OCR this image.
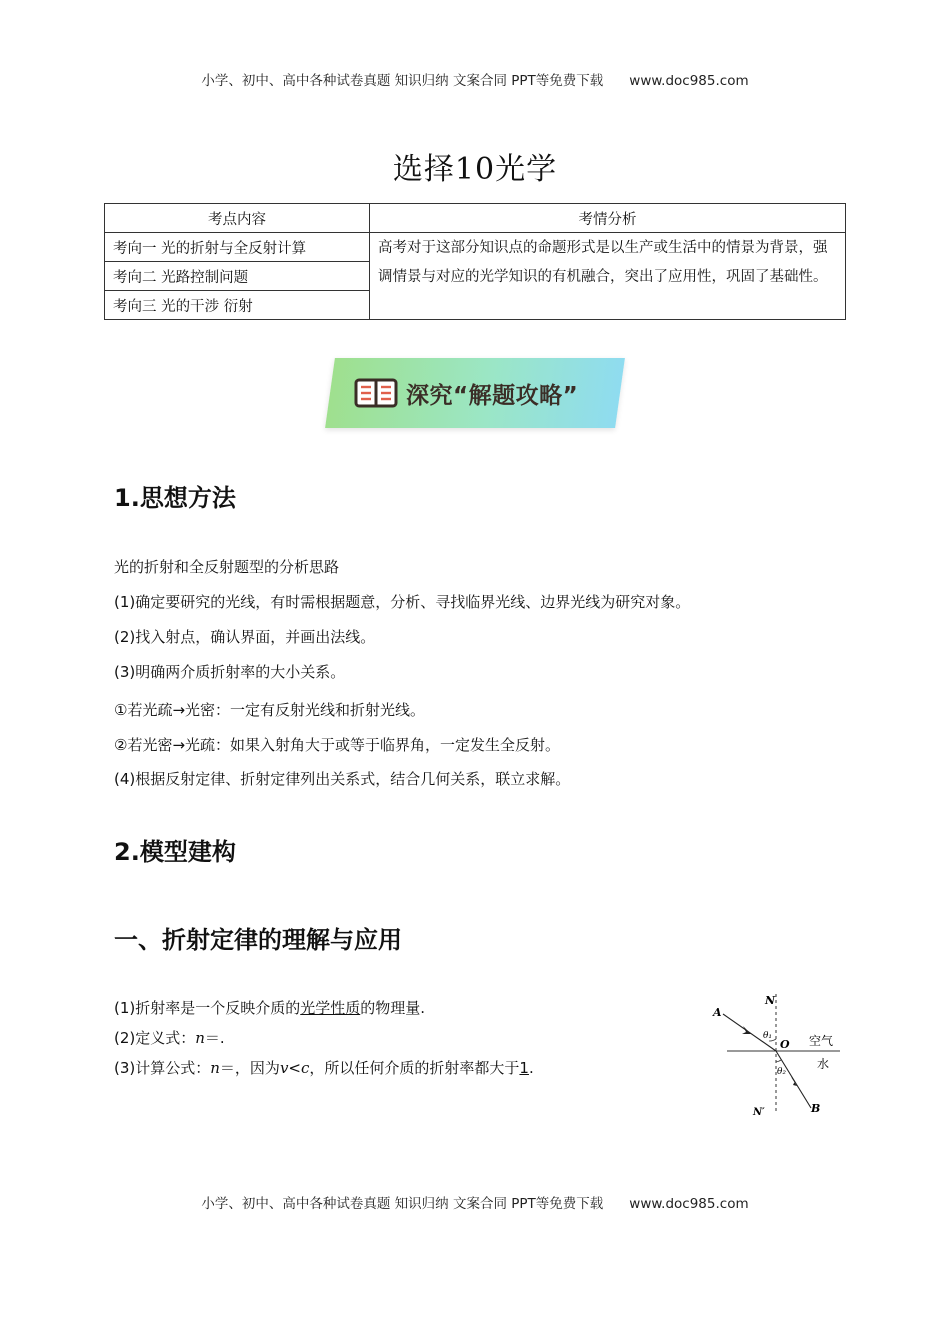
小学、初中、高中各种试卷真题 知识归纳 文案合同 PPT等免费下载 www.doc985.com
选择10光学
考点内容	考情分析
考向一 光的折射与全反射计算	高考对于这部分知识点的命题形式是以生产或生活中的情景为背景，强调情景与对应的光学知识的有机融合，突出了应用性，巩固了基础性。
考向二 光路控制问题	
考向三 光的干涉 衍射	
深究“解题攻略”
1.思想方法
光的折射和全反射题型的分析思路
(1)确定要研究的光线，有时需根据题意，分析、寻找临界光线、边界光线为研究对象。
(2)找入射点，确认界面，并画出法线。
(3)明确两介质折射率的大小关系。
①若光疏→光密：一定有反射光线和折射光线。
②若光密→光疏：如果入射角大于或等于临界角，一定发生全反射。
(4)根据反射定律、折射定律列出关系式，结合几何关系，联立求解。
2.模型建构
一、折射定律的理解与应用
(1)折射率是一个反映介质的光学性质的物理量.
(2)定义式：n＝.
(3)计算公式：n＝，因为v<c，所以任何介质的折射率都大于1.
A
N
θ₁
O
θ₂
空气
水
N′	B
小学、初中、高中各种试卷真题 知识归纳 文案合同 PPT等免费下载 www.doc985.com
